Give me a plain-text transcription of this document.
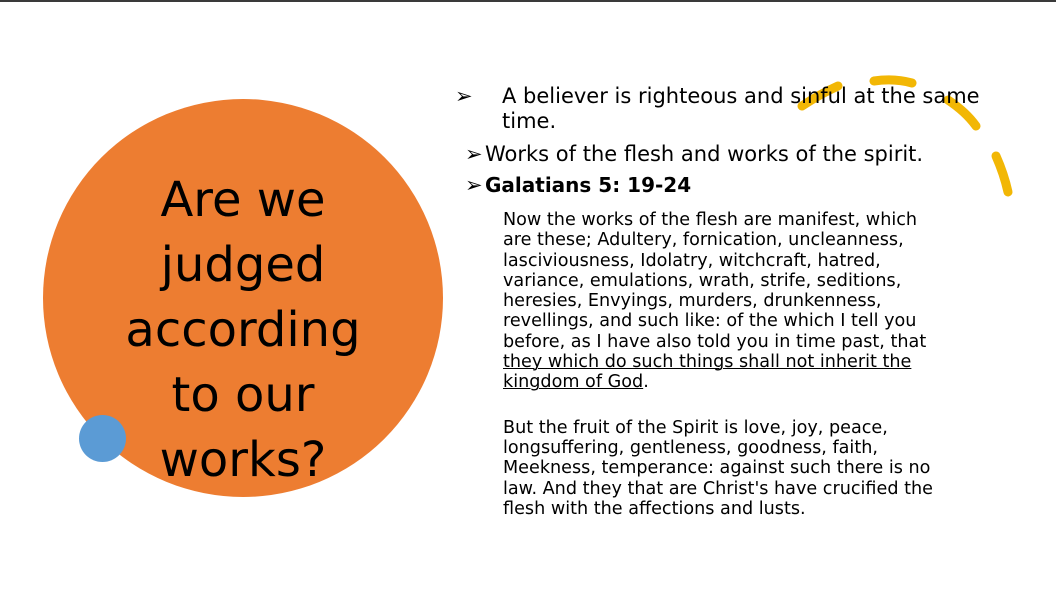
Are we
judged
according
to our
works?
➢ A believer is righteous and sinful at the same time.
➢ Works of the flesh and works of the spirit.
➢ Galatians 5: 19-24

Now the works of the flesh are manifest, which
are these; Adultery, fornication, uncleanness,
lasciviousness, Idolatry, witchcraft, hatred,
variance, emulations, wrath, strife, seditions,
heresies, Envyings, murders, drunkenness,
revellings, and such like: of the which I tell you
before, as I have also told you in time past, that
they which do such things shall not inherit the
kingdom of God.

But the fruit of the Spirit is love, joy, peace,
longsuffering, gentleness, goodness, faith,
Meekness, temperance: against such there is no
law. And they that are Christ's have crucified the
flesh with the affections and lusts.
